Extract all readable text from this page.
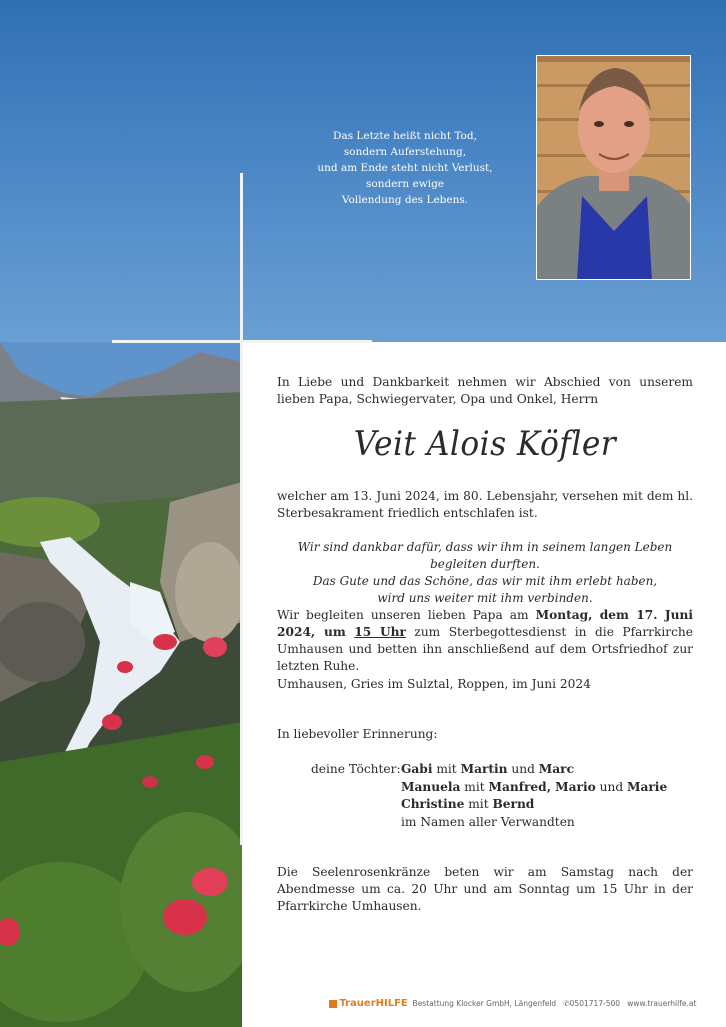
Das Letzte heißt nicht Tod,
sondern Auferstehung,
und am Ende steht nicht Verlust,
sondern ewige
Vollendung des Lebens.

In Liebe und Dankbarkeit nehmen wir Abschied von unserem lieben Papa, Schwiegervater, Opa und Onkel, Herrn

Veit Alois Köfler

welcher am 13. Juni 2024, im 80. Lebensjahr, versehen mit dem hl. Sterbesakrament friedlich entschlafen ist.

Wir sind dankbar dafür, dass wir ihm in seinem langen Leben begleiten durften.
Das Gute und das Schöne, das wir mit ihm erlebt haben,
wird uns weiter mit ihm verbinden.

Wir begleiten unseren lieben Papa am Montag, dem 17. Juni 2024, um 15 Uhr zum Sterbegottesdienst in die Pfarrkirche Umhausen und betten ihn anschließend auf dem Ortsfriedhof zur letzten Ruhe.

Umhausen, Gries im Sulztal, Roppen, im Juni 2024

In liebevoller Erinnerung:

deine Töchter: Gabi mit Martin und Marc
Manuela mit Manfred, Mario und Marie
Christine mit Bernd
im Namen aller Verwandten

Die Seelenrosenkränze beten wir am Samstag nach der Abendmesse um ca. 20 Uhr und am Sonntag um 15 Uhr in der Pfarrkirche Umhausen.

TrauerHILFE Bestattung Klocker GmbH, Längenfeld ✆0501717-500 www.trauerhilfe.at
